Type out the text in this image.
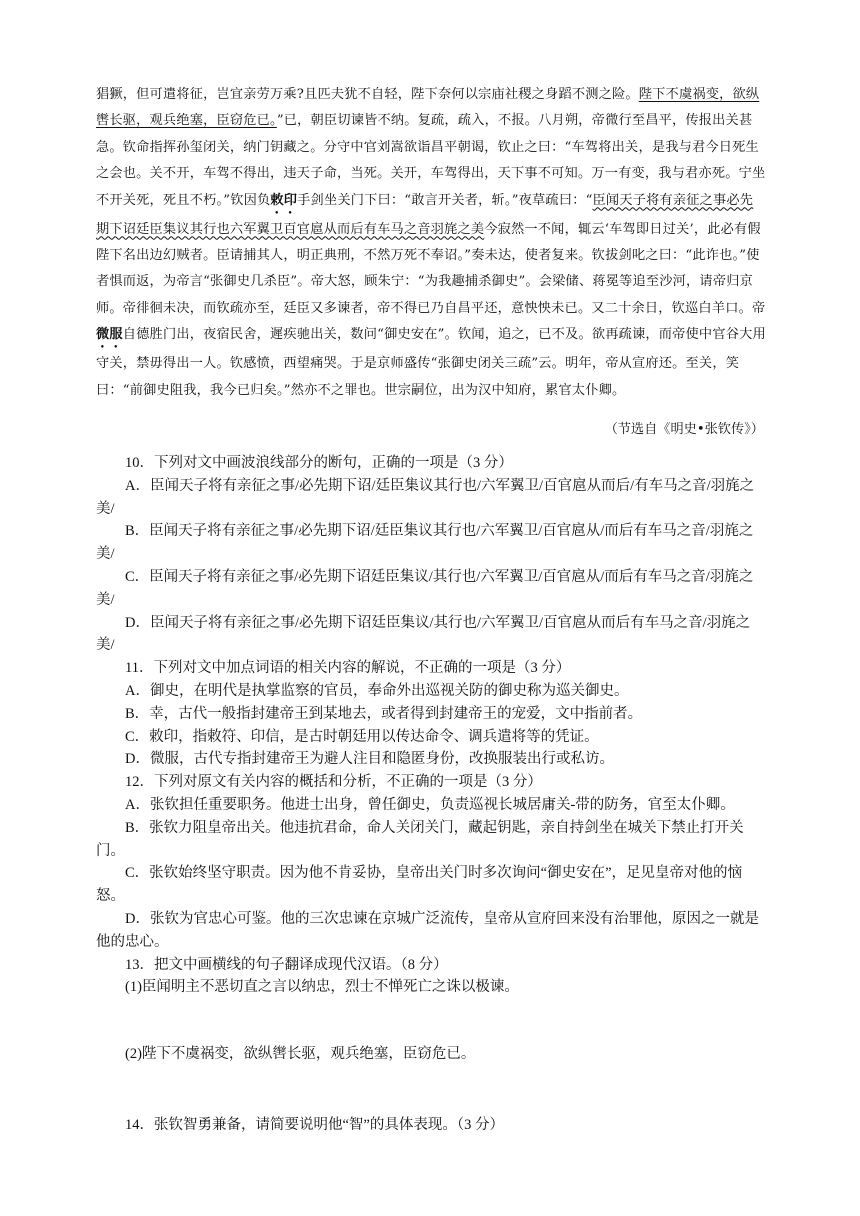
猖獗，但可遣将征，岂宜亲劳万乘?且匹夫犹不自轻，陛下奈何以宗庙社稷之身蹈不测之险。陛下不虞祸变，欲纵辔长驱，观兵绝塞，臣窃危已。”已，朝臣切谏皆不纳。复疏，疏入，不报。八月朔，帝微行至昌平，传报出关甚急。钦命指挥孙玺闭关，纳门钥藏之。分守中官刘嵩欲诣昌平朝谒，钦止之曰：“车驾将出关，是我与君今日死生之会也。关不开，车驾不得出，违天子命，当死。关开，车驾得出，天下事不可知。万一有变，我与君亦死。宁坐不开关死，死且不朽。”钦因负敕印手剑坐关门下曰：“敢言开关者，斩。”夜草疏曰：“臣闻天子将有亲征之事必先期下诏廷臣集议其行也六军翼卫百官扈从而后有车马之音羽旄之美今寂然一不闻，辄云‘车驾即日过关’，此必有假陛下名出边幻贼者。臣请捕其人，明正典刑，不然万死不奉诏。”奏未达，使者复来。钦拔剑叱之曰：“此诈也。”使者惧而返，为帝言“张御史几杀臣”。帝大怒，顾朱宁：“为我趣捕杀御史”。会梁储、蒋冕等追至沙河，请帝归京师。帝徘徊未决，而钦疏亦至，廷臣又多谏者，帝不得已乃自昌平还，意怏怏未已。又二十余日，钦巡白羊口。帝微服自德胜门出，夜宿民舍，遲疾驰出关，数问“御史安在”。钦闻，追之，已不及。欲再疏谏，而帝使中官谷大用守关，禁毋得出一人。钦感愤，西望痛哭。于是京师盛传“张御史闭关三疏”云。明年，帝从宣府还。至关，笑曰：“前御史阻我，我今已归矣。”然亦不之罪也。世宗嗣位，出为汉中知府，累官太仆卿。

（节选自《明史•张钦传》）

10．下列对文中画波浪线部分的断句，正确的一项是（3 分）

A．臣闻天子将有亲征之事/必先期下诏/廷臣集议其行也/六军翼卫/百官扈从而后/有车马之音/羽旄之美/

B．臣闻天子将有亲征之事/必先期下诏/廷臣集议其行也/六军翼卫/百官扈从/而后有车马之音/羽旄之美/

C．臣闻天子将有亲征之事/必先期下诏廷臣集议/其行也/六军翼卫/百官扈从/而后有车马之音/羽旄之美/

D．臣闻天子将有亲征之事/必先期下诏廷臣集议/其行也/六军翼卫/百官扈从而后有车马之音/羽旄之美/

11．下列对文中加点词语的相关内容的解说，不正确的一项是（3 分）

A．御史，在明代是执掌监察的官员，奉命外出巡视关防的御史称为巡关御史。

B．幸，古代一般指封建帝王到某地去，或者得到封建帝王的宠爱，文中指前者。

C．敕印，指敕符、印信，是古时朝廷用以传达命令、调兵遣将等的凭证。

D．微服，古代专指封建帝王为避人注目和隐匿身份，改换服装出行或私访。

12．下列对原文有关内容的概括和分析，不正确的一项是（3 分）

A．张钦担任重要职务。他进士出身，曾任御史，负责巡视长城居庸关-带的防务，官至太仆卿。

B．张钦力阻皇帝出关。他违抗君命，命人关闭关门，藏起钥匙，亲自持剑坐在城关下禁止打开关门。

C．张钦始终坚守职责。因为他不肯妥协，皇帝出关门时多次询问“御史安在”，足见皇帝对他的恼怒。

D．张钦为官忠心可鉴。他的三次忠谏在京城广泛流传，皇帝从宣府回来没有治罪他，原因之一就是他的忠心。

13．把文中画横线的句子翻译成现代汉语。（8 分）

(1)臣闻明主不恶切直之言以纳忠，烈士不惮死亡之诛以极谏。

(2)陛下不虞祸变，欲纵辔长驱，观兵绝塞，臣窃危已。

14．张钦智勇兼备，请简要说明他“智”的具体表现。（3 分）
